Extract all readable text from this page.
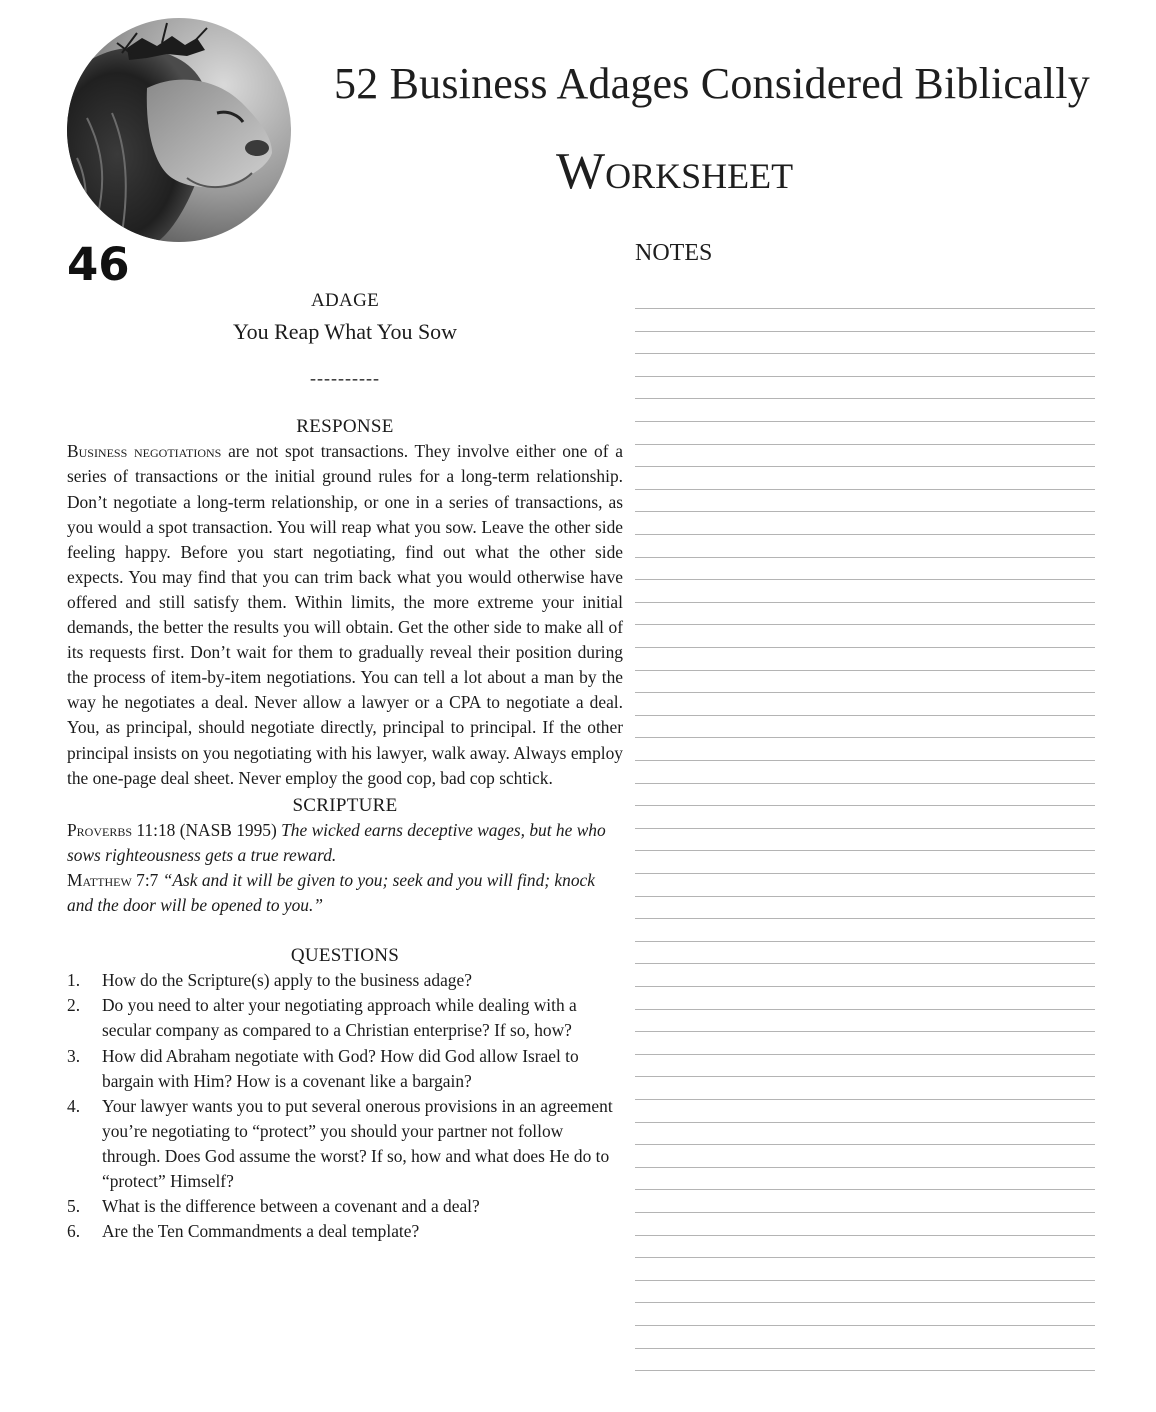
52 Business Adages Considered Biblically
Worksheet
46	NOTES
ADAGE
You Reap What You Sow
----------
RESPONSE

Business negotiations are not spot transactions. They involve either one of a series of transactions or the initial ground rules for a long-term relationship. Don’t negotiate a long-term relationship, or one in a series of transactions, as you would a spot transaction. You will reap what you sow. Leave the other side feeling happy. Before you start negotiating, find out what the other side expects. You may find that you can trim back what you would otherwise have offered and still satisfy them. Within limits, the more extreme your initial demands, the better the results you will obtain. Get the other side to make all of its requests first. Don’t wait for them to gradually reveal their position during the process of item-by-item negotiations. You can tell a lot about a man by the way he negotiates a deal. Never allow a lawyer or a CPA to negotiate a deal. You, as principal, should negotiate directly, principal to principal. If the other principal insists on you negotiating with his lawyer, walk away. Always employ the one-page deal sheet. Never employ the good cop, bad cop schtick.

SCRIPTURE

Proverbs 11:18 (NASB 1995) The wicked earns deceptive wages, but he who sows righteousness gets a true reward.

Matthew 7:7 “Ask and it will be given to you; seek and you will find; knock and the door will be opened to you.”

QUESTIONS
1. How do the Scripture(s) apply to the business adage?
2. Do you need to alter your negotiating approach while dealing with a secular company as compared to a Christian enterprise? If so, how?
3. How did Abraham negotiate with God? How did God allow Israel to bargain with Him? How is a covenant like a bargain?
4. Your lawyer wants you to put several onerous provisions in an agreement you’re negotiating to “protect” you should your partner not follow through. Does God assume the worst? If so, how and what does He do to “protect” Himself?
5. What is the difference between a covenant and a deal?
6. Are the Ten Commandments a deal template?
